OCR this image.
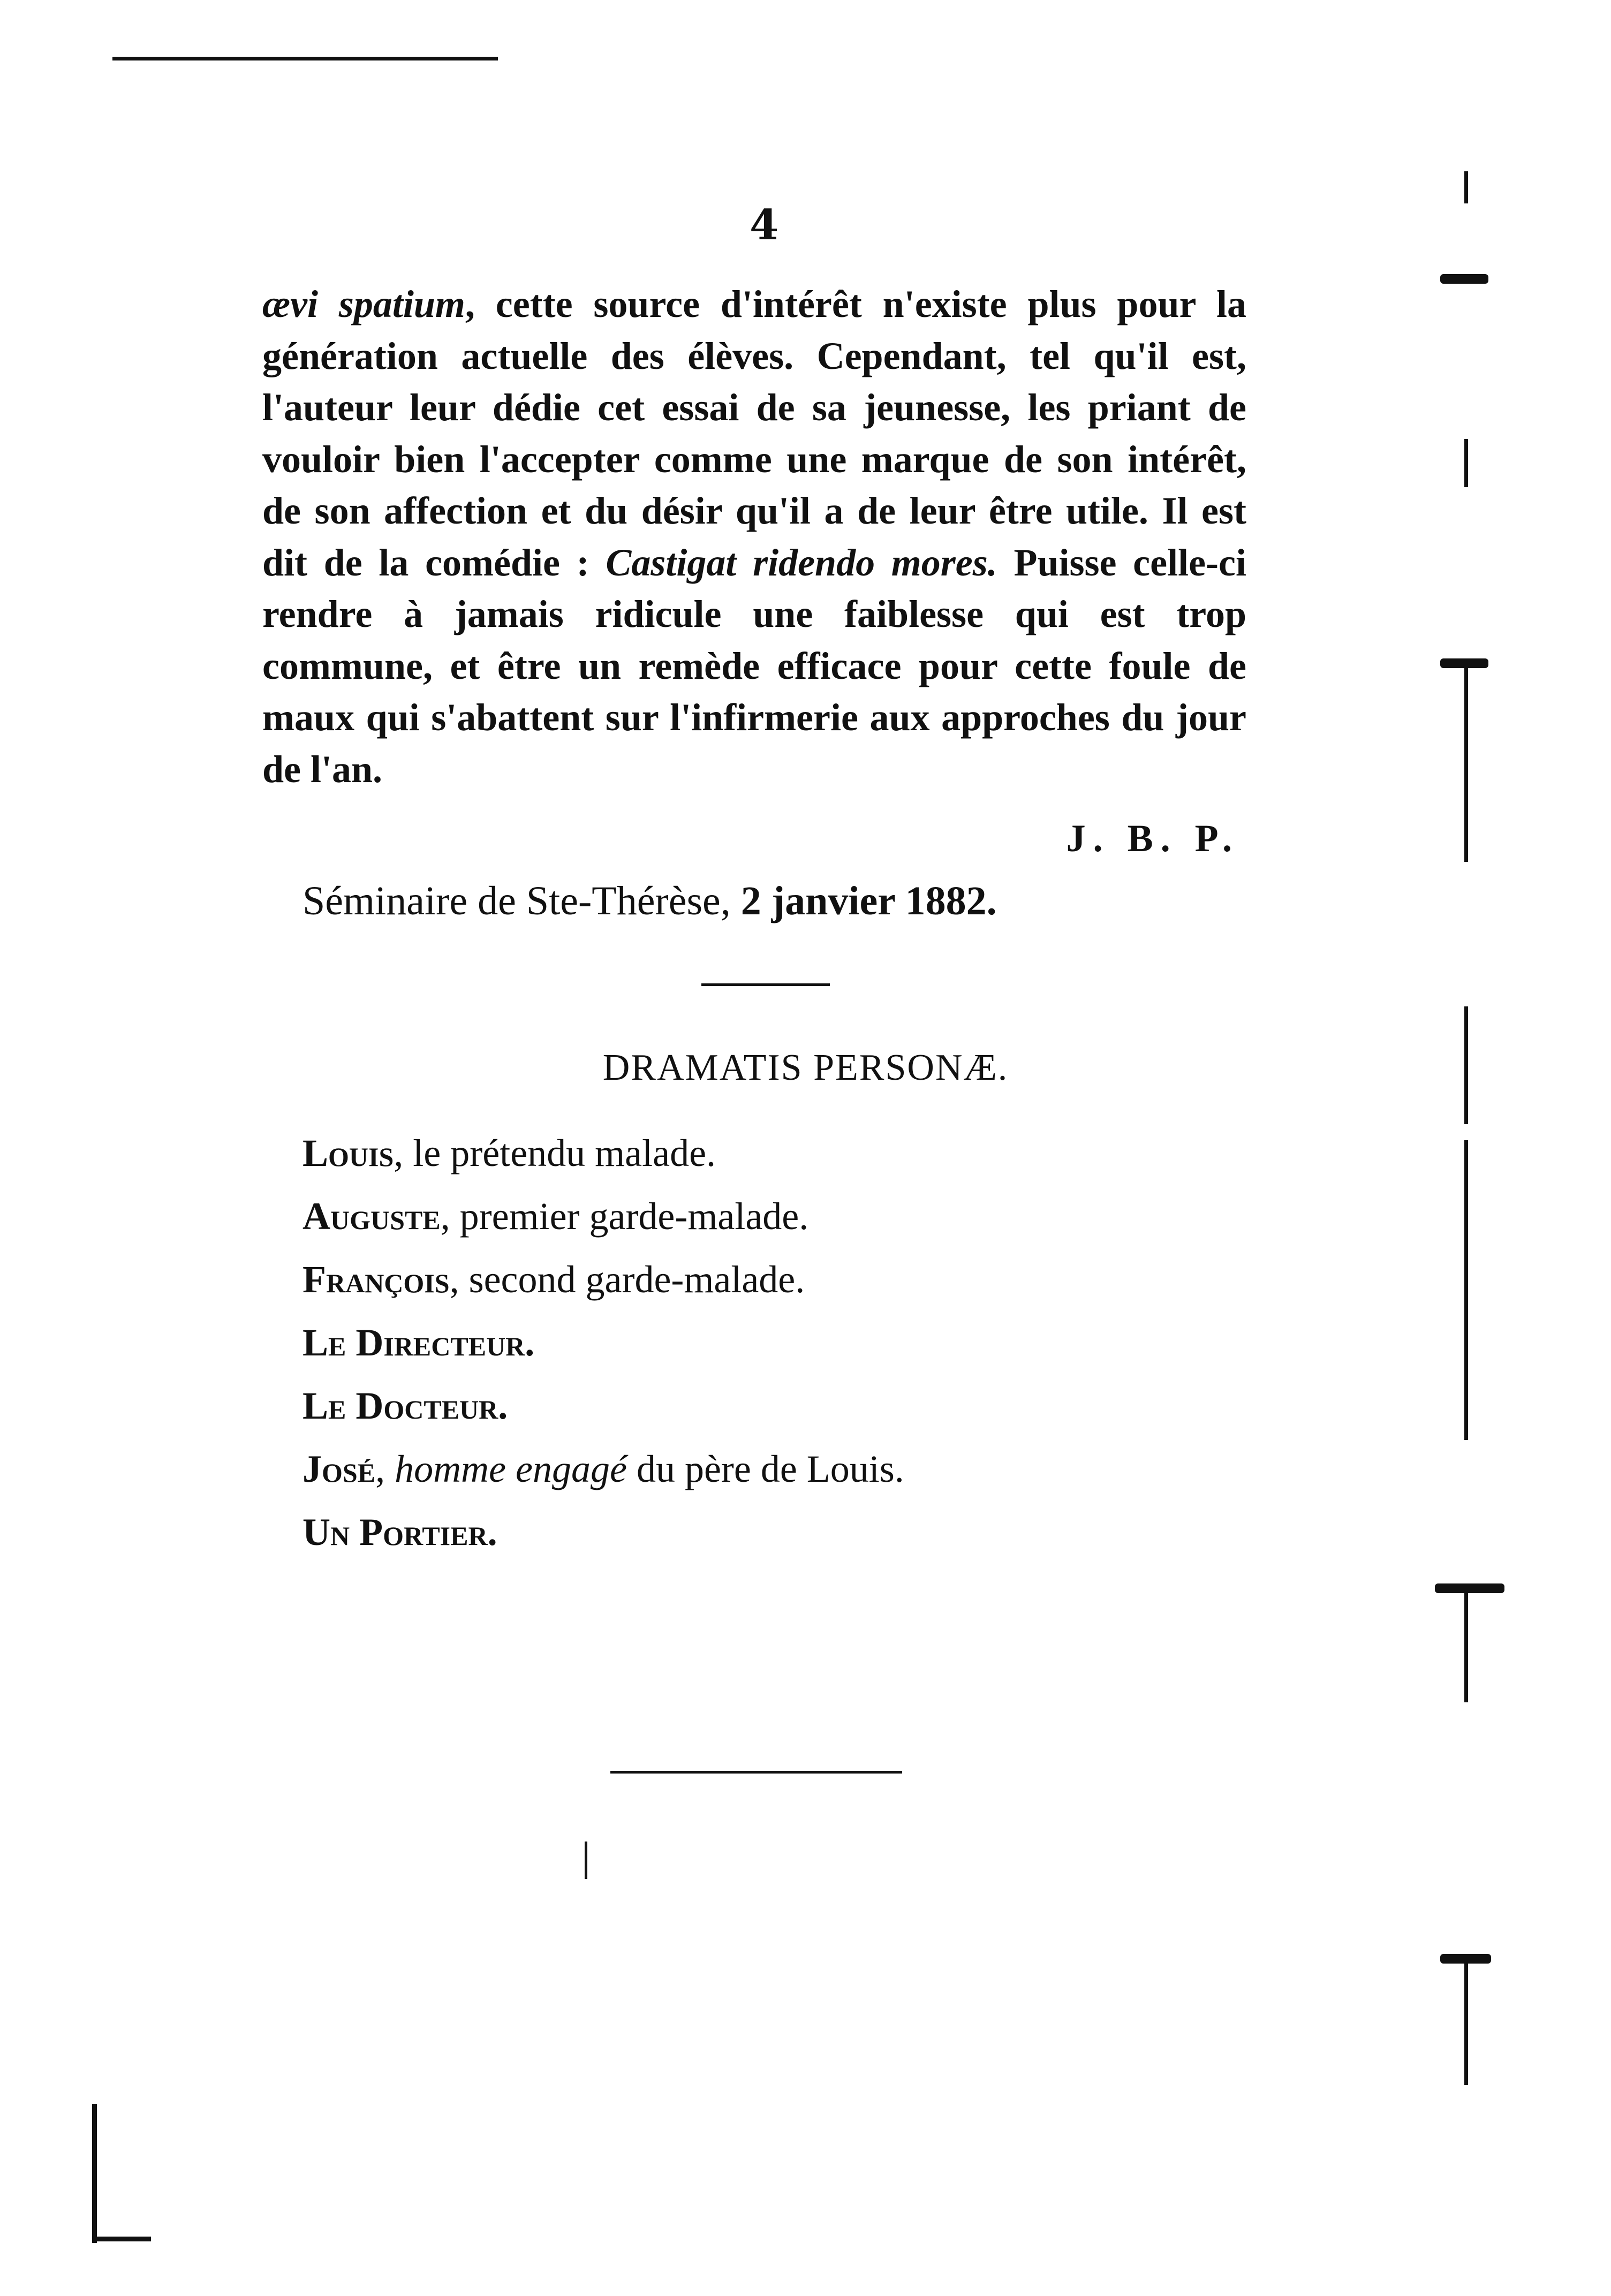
4

ævi spatium, cette source d'intérêt n'existe plus pour la génération actuelle des élèves. Cependant, tel qu'il est, l'auteur leur dédie cet essai de sa jeunesse, les priant de vouloir bien l'accepter comme une marque de son intérêt, de son affection et du désir qu'il a de leur être utile. Il est dit de la comédie : Castigat ridendo mores. Puisse celle-ci rendre à jamais ridicule une faiblesse qui est trop commune, et être un remède efficace pour cette foule de maux qui s'abattent sur l'infirmerie aux approches du jour de l'an.

J. B. P.
Séminaire de Ste-Thérèse, 2 janvier 1882.
DRAMATIS PERSONÆ.
Louis, le prétendu malade.
Auguste, premier garde-malade.
François, second garde-malade.
Le Directeur.
Le Docteur.
José, homme engagé du père de Louis.
Un Portier.
